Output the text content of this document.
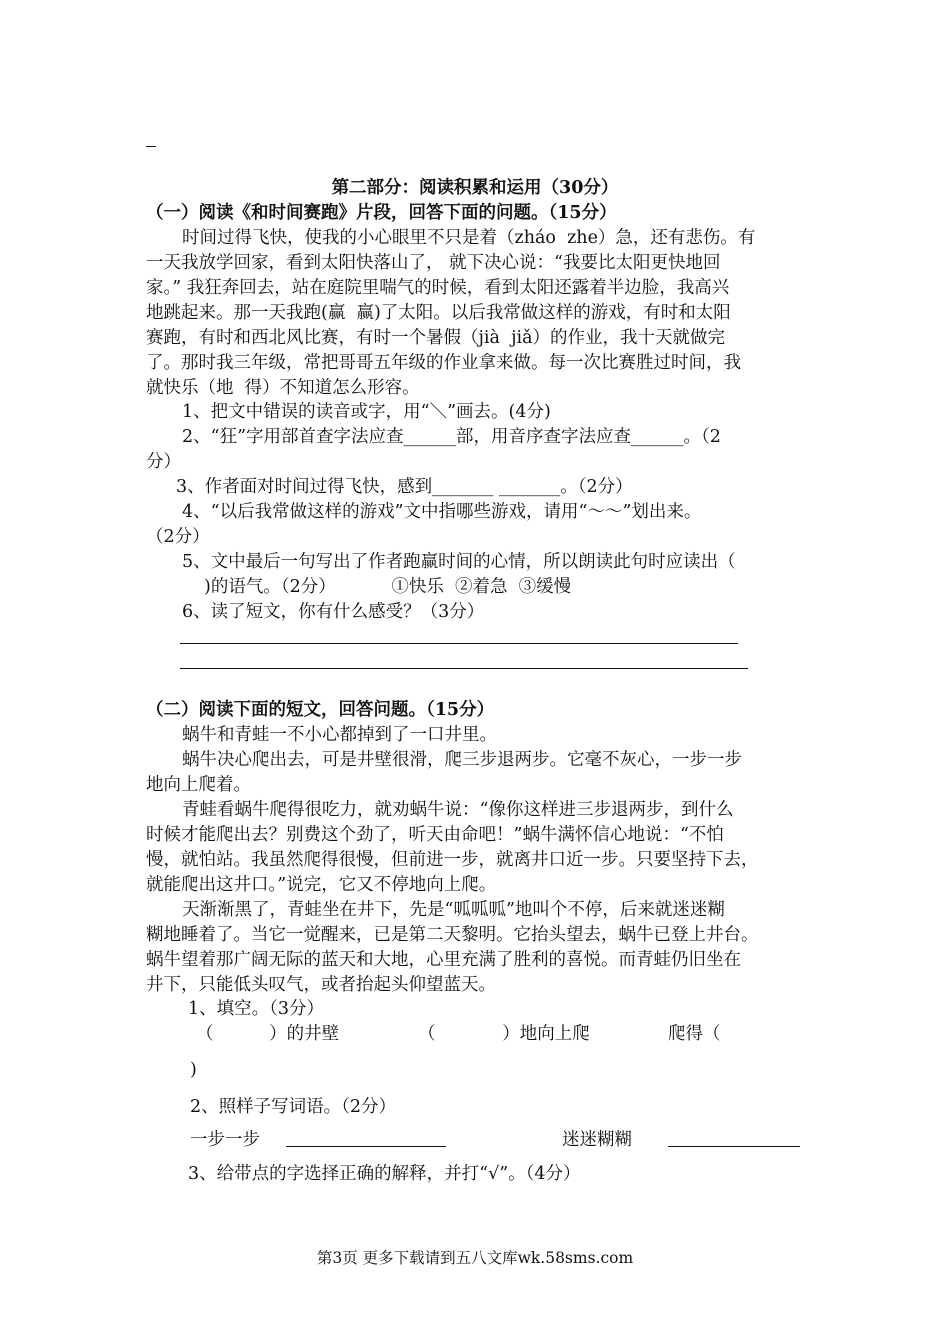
第二部分：阅读积累和运用（30分）
（一）阅读《和时间赛跑》片段，回答下面的问题。（15分）
时间过得飞快，使我的小心眼里不只是着（zháo  zhe）急，还有悲伤。有
一天我放学回家，看到太阳快落山了， 就下决心说：“我要比太阳更快地回
家。” 我狂奔回去，站在庭院里喘气的时候，看到太阳还露着半边脸，我高兴
地跳起来。那一天我跑(赢  赢)了太阳。以后我常做这样的游戏，有时和太阳
赛跑，有时和西北风比赛，有时一个暑假（jià  jiǎ）的作业，我十天就做完
了。那时我三年级，常把哥哥五年级的作业拿来做。每一次比赛胜过时间，我
就快乐（地  得）不知道怎么形容。
1、把文中错误的读音或字，用“＼”画去。(4分)
2、“狂”字用部首查字法应查______部，用音序查字法应查______。（2
分）
3、作者面对时间过得飞快，感到_______ _______。（2分）
4、“以后我常做这样的游戏”文中指哪些游戏，请用“～～”划出来。
（2分）
5、文中最后一句写出了作者跑赢时间的心情，所以朗读此句时应读出（
)的语气。（2分）          ①快乐  ②着急  ③缓慢
6、读了短文，你有什么感受？（3分）
（二）阅读下面的短文，回答问题。（15分）
蜗牛和青蛙一不小心都掉到了一口井里。
蜗牛决心爬出去，可是井壁很滑，爬三步退两步。它毫不灰心，一步一步
地向上爬着。
青蛙看蜗牛爬得很吃力，就劝蜗牛说：“像你这样进三步退两步，到什么
时候才能爬出去？别费这个劲了，听天由命吧！”蜗牛满怀信心地说：“不怕
慢，就怕站。我虽然爬得很慢，但前进一步，就离井口近一步。只要坚持下去，
就能爬出这井口。”说完，它又不停地向上爬。
天渐渐黑了，青蛙坐在井下，先是“呱呱呱”地叫个不停，后来就迷迷糊
糊地睡着了。当它一觉醒来，已是第二天黎明。它抬头望去，蜗牛已登上井台。
蜗牛望着那广阔无际的蓝天和大地，心里充满了胜利的喜悦。而青蛙仍旧坐在
井下，只能低头叹气，或者抬起头仰望蓝天。
1、填空。（3分）
（          ）的井壁	（            ）地向上爬	爬得（
)
2、照样子写词语。（2分）
一步一步	迷迷糊糊
3、给带点的字选择正确的解释，并打“√”。（4分）
第3页 更多下载请到五八文库wk.58sms.com
